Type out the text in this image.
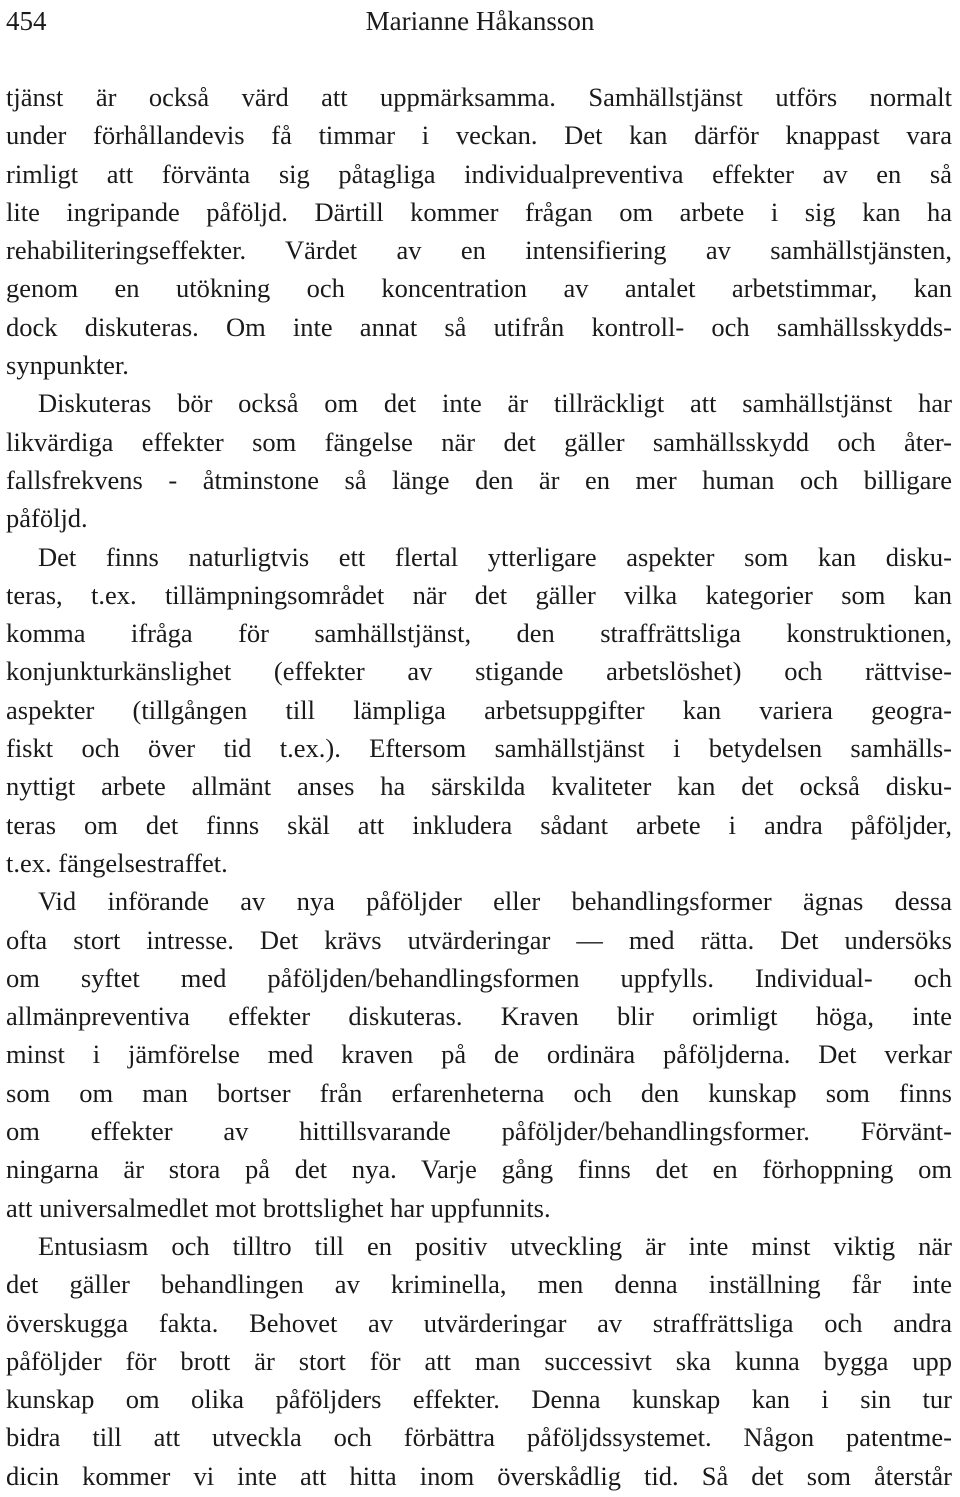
454	Marianne Håkansson

tjänst är också värd att uppmärksamma. Samhällstjänst utförs normalt
under förhållandevis få timmar i veckan. Det kan därför knappast vara
rimligt att förvänta sig påtagliga individualpreventiva effekter av en så
lite ingripande påföljd. Därtill kommer frågan om arbete i sig kan ha
rehabiliteringseffekter. Värdet av en intensifiering av samhällstjänsten,
genom en utökning och koncentration av antalet arbetstimmar, kan
dock diskuteras. Om inte annat så utifrån kontroll- och samhällsskydds-
synpunkter.

Diskuteras bör också om det inte är tillräckligt att samhällstjänst har
likvärdiga effekter som fängelse när det gäller samhällsskydd och åter-
fallsfrekvens - åtminstone så länge den är en mer human och billigare
påföljd.

Det finns naturligtvis ett flertal ytterligare aspekter som kan disku-
teras, t.ex. tillämpningsområdet när det gäller vilka kategorier som kan
komma ifråga för samhällstjänst, den straffrättsliga konstruktionen,
konjunkturkänslighet (effekter av stigande arbetslöshet) och rättvise-
aspekter (tillgången till lämpliga arbetsuppgifter kan variera geogra-
fiskt och över tid t.ex.). Eftersom samhällstjänst i betydelsen samhälls-
nyttigt arbete allmänt anses ha särskilda kvaliteter kan det också disku-
teras om det finns skäl att inkludera sådant arbete i andra påföljder,
t.ex. fängelsestraffet.

Vid införande av nya påföljder eller behandlingsformer ägnas dessa
ofta stort intresse. Det krävs utvärderingar — med rätta. Det undersöks
om syftet med påföljden/behandlingsformen uppfylls. Individual- och
allmänpreventiva effekter diskuteras. Kraven blir orimligt höga, inte
minst i jämförelse med kraven på de ordinära påföljderna. Det verkar
som om man bortser från erfarenheterna och den kunskap som finns
om effekter av hittillsvarande påföljder/behandlingsformer. Förvänt-
ningarna är stora på det nya. Varje gång finns det en förhoppning om
att universalmedlet mot brottslighet har uppfunnits.

Entusiasm och tilltro till en positiv utveckling är inte minst viktig när
det gäller behandlingen av kriminella, men denna inställning får inte
överskugga fakta. Behovet av utvärderingar av straffrättsliga och andra
påföljder för brott är stort för att man successivt ska kunna bygga upp
kunskap om olika påföljders effekter. Denna kunskap kan i sin tur
bidra till att utveckla och förbättra påföljdssystemet. Någon patentme-
dicin kommer vi inte att hitta inom överskådlig tid. Så det som återstår
